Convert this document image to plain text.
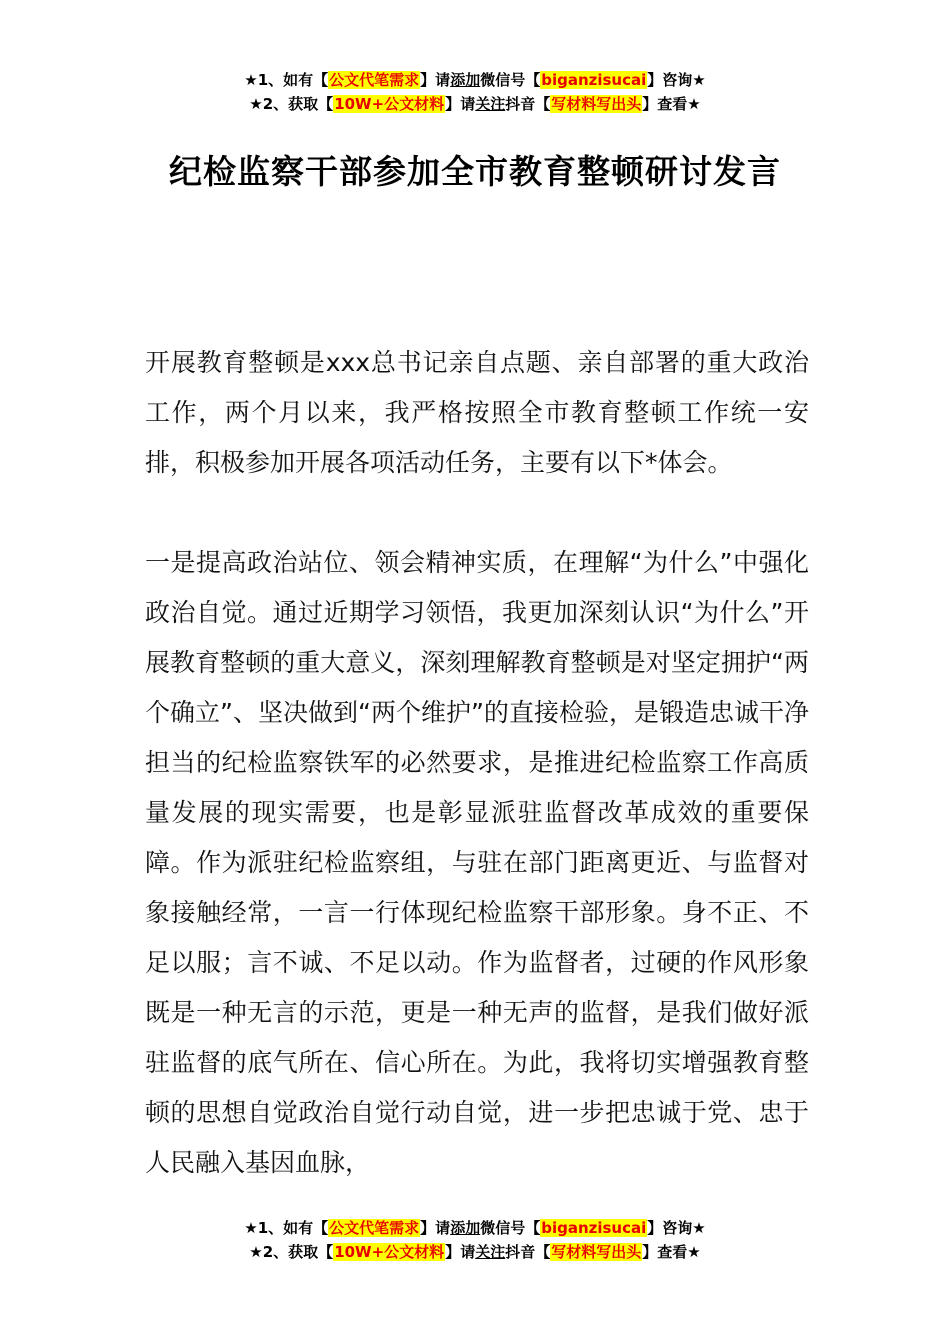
★1、如有【公文代笔需求】请添加微信号【biganzisucai】咨询★
★2、获取【10W+公文材料】请关注抖音【写材料写出头】查看★
纪检监察干部参加全市教育整顿研讨发言

开展教育整顿是xxx总书记亲自点题、亲自部署的重大政治工作，两个月以来，我严格按照全市教育整顿工作统一安排，积极参加开展各项活动任务，主要有以下*体会。

一是提高政治站位、领会精神实质，在理解“为什么”中强化政治自觉。通过近期学习领悟，我更加深刻认识“为什么”开展教育整顿的重大意义，深刻理解教育整顿是对坚定拥护“两个确立”、坚决做到“两个维护”的直接检验，是锻造忠诚干净担当的纪检监察铁军的必然要求，是推进纪检监察工作高质量发展的现实需要，也是彰显派驻监督改革成效的重要保障。作为派驻纪检监察组，与驻在部门距离更近、与监督对象接触经常，一言一行体现纪检监察干部形象。身不正、不足以服；言不诚、不足以动。作为监督者，过硬的作风形象既是一种无言的示范，更是一种无声的监督，是我们做好派驻监督的底气所在、信心所在。为此，我将切实增强教育整顿的思想自觉政治自觉行动自觉，进一步把忠诚于党、忠于人民融入基因血脉，

★1、如有【公文代笔需求】请添加微信号【biganzisucai】咨询★
★2、获取【10W+公文材料】请关注抖音【写材料写出头】查看★
